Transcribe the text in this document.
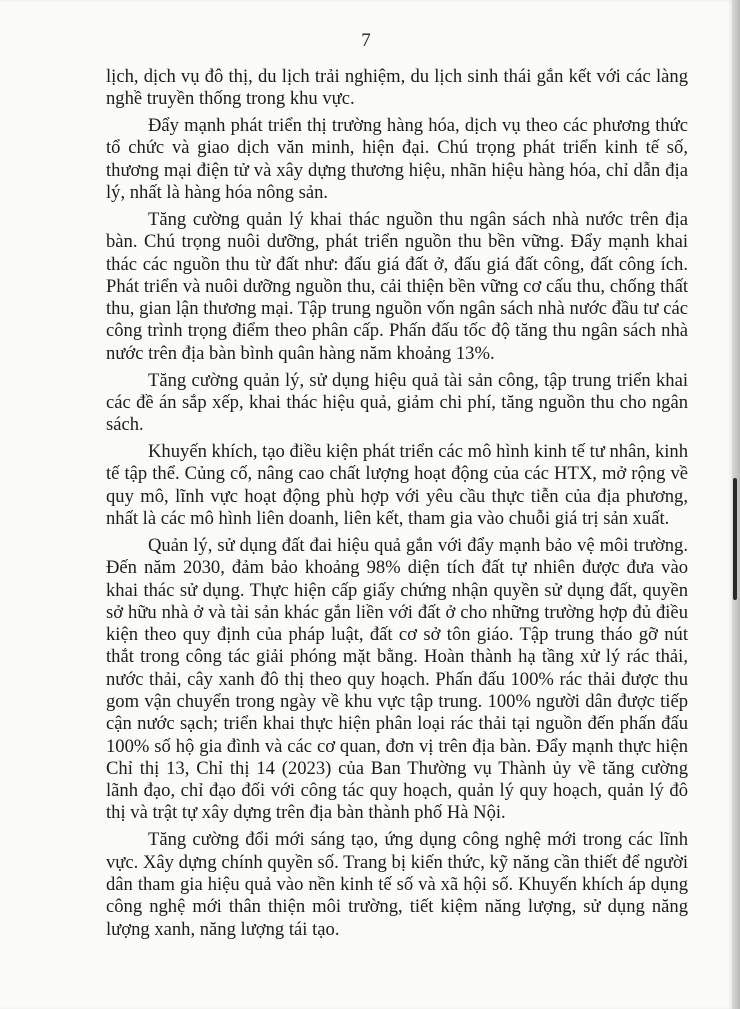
7

lịch, dịch vụ đô thị, du lịch trải nghiệm, du lịch sinh thái gắn kết với các làng nghề truyền thống trong khu vực.

Đẩy mạnh phát triển thị trường hàng hóa, dịch vụ theo các phương thức tổ chức và giao dịch văn minh, hiện đại. Chú trọng phát triển kinh tế số, thương mại điện tử và xây dựng thương hiệu, nhãn hiệu hàng hóa, chỉ dẫn địa lý, nhất là hàng hóa nông sản.

Tăng cường quản lý khai thác nguồn thu ngân sách nhà nước trên địa bàn. Chú trọng nuôi dưỡng, phát triển nguồn thu bền vững. Đẩy mạnh khai thác các nguồn thu từ đất như: đấu giá đất ở, đấu giá đất công, đất công ích. Phát triển và nuôi dưỡng nguồn thu, cải thiện bền vững cơ cấu thu, chống thất thu, gian lận thương mại. Tập trung nguồn vốn ngân sách nhà nước đầu tư các công trình trọng điểm theo phân cấp. Phấn đấu tốc độ tăng thu ngân sách nhà nước trên địa bàn bình quân hàng năm khoảng 13%.

Tăng cường quản lý, sử dụng hiệu quả tài sản công, tập trung triển khai các đề án sắp xếp, khai thác hiệu quả, giảm chi phí, tăng nguồn thu cho ngân sách.

Khuyến khích, tạo điều kiện phát triển các mô hình kinh tế tư nhân, kinh tế tập thể. Củng cố, nâng cao chất lượng hoạt động của các HTX, mở rộng về quy mô, lĩnh vực hoạt động phù hợp với yêu cầu thực tiễn của địa phương, nhất là các mô hình liên doanh, liên kết, tham gia vào chuỗi giá trị sản xuất.

Quản lý, sử dụng đất đai hiệu quả gắn với đẩy mạnh bảo vệ môi trường. Đến năm 2030, đảm bảo khoảng 98% diện tích đất tự nhiên được đưa vào khai thác sử dụng. Thực hiện cấp giấy chứng nhận quyền sử dụng đất, quyền sở hữu nhà ở và tài sản khác gắn liền với đất ở cho những trường hợp đủ điều kiện theo quy định của pháp luật, đất cơ sở tôn giáo. Tập trung tháo gỡ nút thắt trong công tác giải phóng mặt bằng. Hoàn thành hạ tầng xử lý rác thải, nước thải, cây xanh đô thị theo quy hoạch. Phấn đấu 100% rác thải được thu gom vận chuyển trong ngày về khu vực tập trung. 100% người dân được tiếp cận nước sạch; triển khai thực hiện phân loại rác thải tại nguồn đến phấn đấu 100% số hộ gia đình và các cơ quan, đơn vị trên địa bàn. Đẩy mạnh thực hiện Chỉ thị 13, Chỉ thị 14 (2023) của Ban Thường vụ Thành ủy về tăng cường lãnh đạo, chỉ đạo đối với công tác quy hoạch, quản lý quy hoạch, quản lý đô thị và trật tự xây dựng trên địa bàn thành phố Hà Nội.

Tăng cường đổi mới sáng tạo, ứng dụng công nghệ mới trong các lĩnh vực. Xây dựng chính quyền số. Trang bị kiến thức, kỹ năng cần thiết để người dân tham gia hiệu quả vào nền kinh tế số và xã hội số. Khuyến khích áp dụng công nghệ mới thân thiện môi trường, tiết kiệm năng lượng, sử dụng năng lượng xanh, năng lượng tái tạo.
